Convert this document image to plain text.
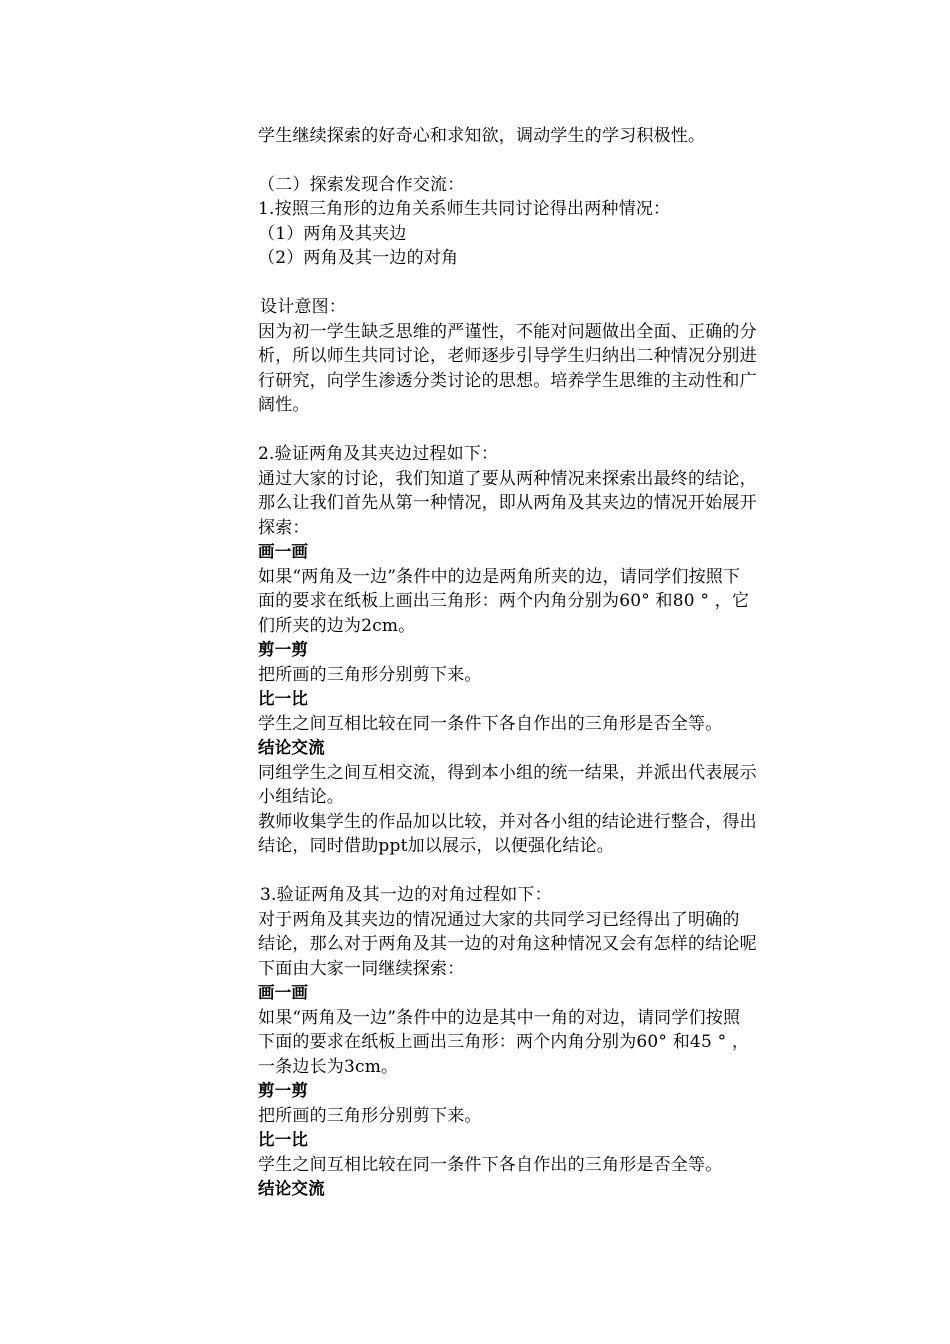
学生继续探索的好奇心和求知欲，调动学生的学习积极性。
（二）探索发现合作交流：
1.按照三角形的边角关系师生共同讨论得出两种情况：
（1）两角及其夹边
（2）两角及其一边的对角
设计意图：
因为初一学生缺乏思维的严谨性，不能对问题做出全面、正确的分
析，所以师生共同讨论，老师逐步引导学生归纳出二种情况分别进
行研究，向学生渗透分类讨论的思想。培养学生思维的主动性和广
阔性。
2.验证两角及其夹边过程如下：
通过大家的讨论，我们知道了要从两种情况来探索出最终的结论，
那么让我们首先从第一种情况，即从两角及其夹边的情况开始展开
探索：
画一画
如果“两角及一边”条件中的边是两角所夹的边，请同学们按照下
面的要求在纸板上画出三角形：两个内角分别为60° 和80 ° ，它
们所夹的边为2cm。
剪一剪
把所画的三角形分别剪下来。
比一比
学生之间互相比较在同一条件下各自作出的三角形是否全等。
结论交流
同组学生之间互相交流，得到本小组的统一结果，并派出代表展示
小组结论。
教师收集学生的作品加以比较，并对各小组的结论进行整合，得出
结论，同时借助ppt加以展示，以便强化结论。
3.验证两角及其一边的对角过程如下：
对于两角及其夹边的情况通过大家的共同学习已经得出了明确的
结论，那么对于两角及其一边的对角这种情况又会有怎样的结论呢
下面由大家一同继续探索：
画一画
如果“两角及一边”条件中的边是其中一角的对边，请同学们按照
下面的要求在纸板上画出三角形：两个内角分别为60° 和45 ° ，
一条边长为3cm。
剪一剪
把所画的三角形分别剪下来。
比一比
学生之间互相比较在同一条件下各自作出的三角形是否全等。
结论交流
